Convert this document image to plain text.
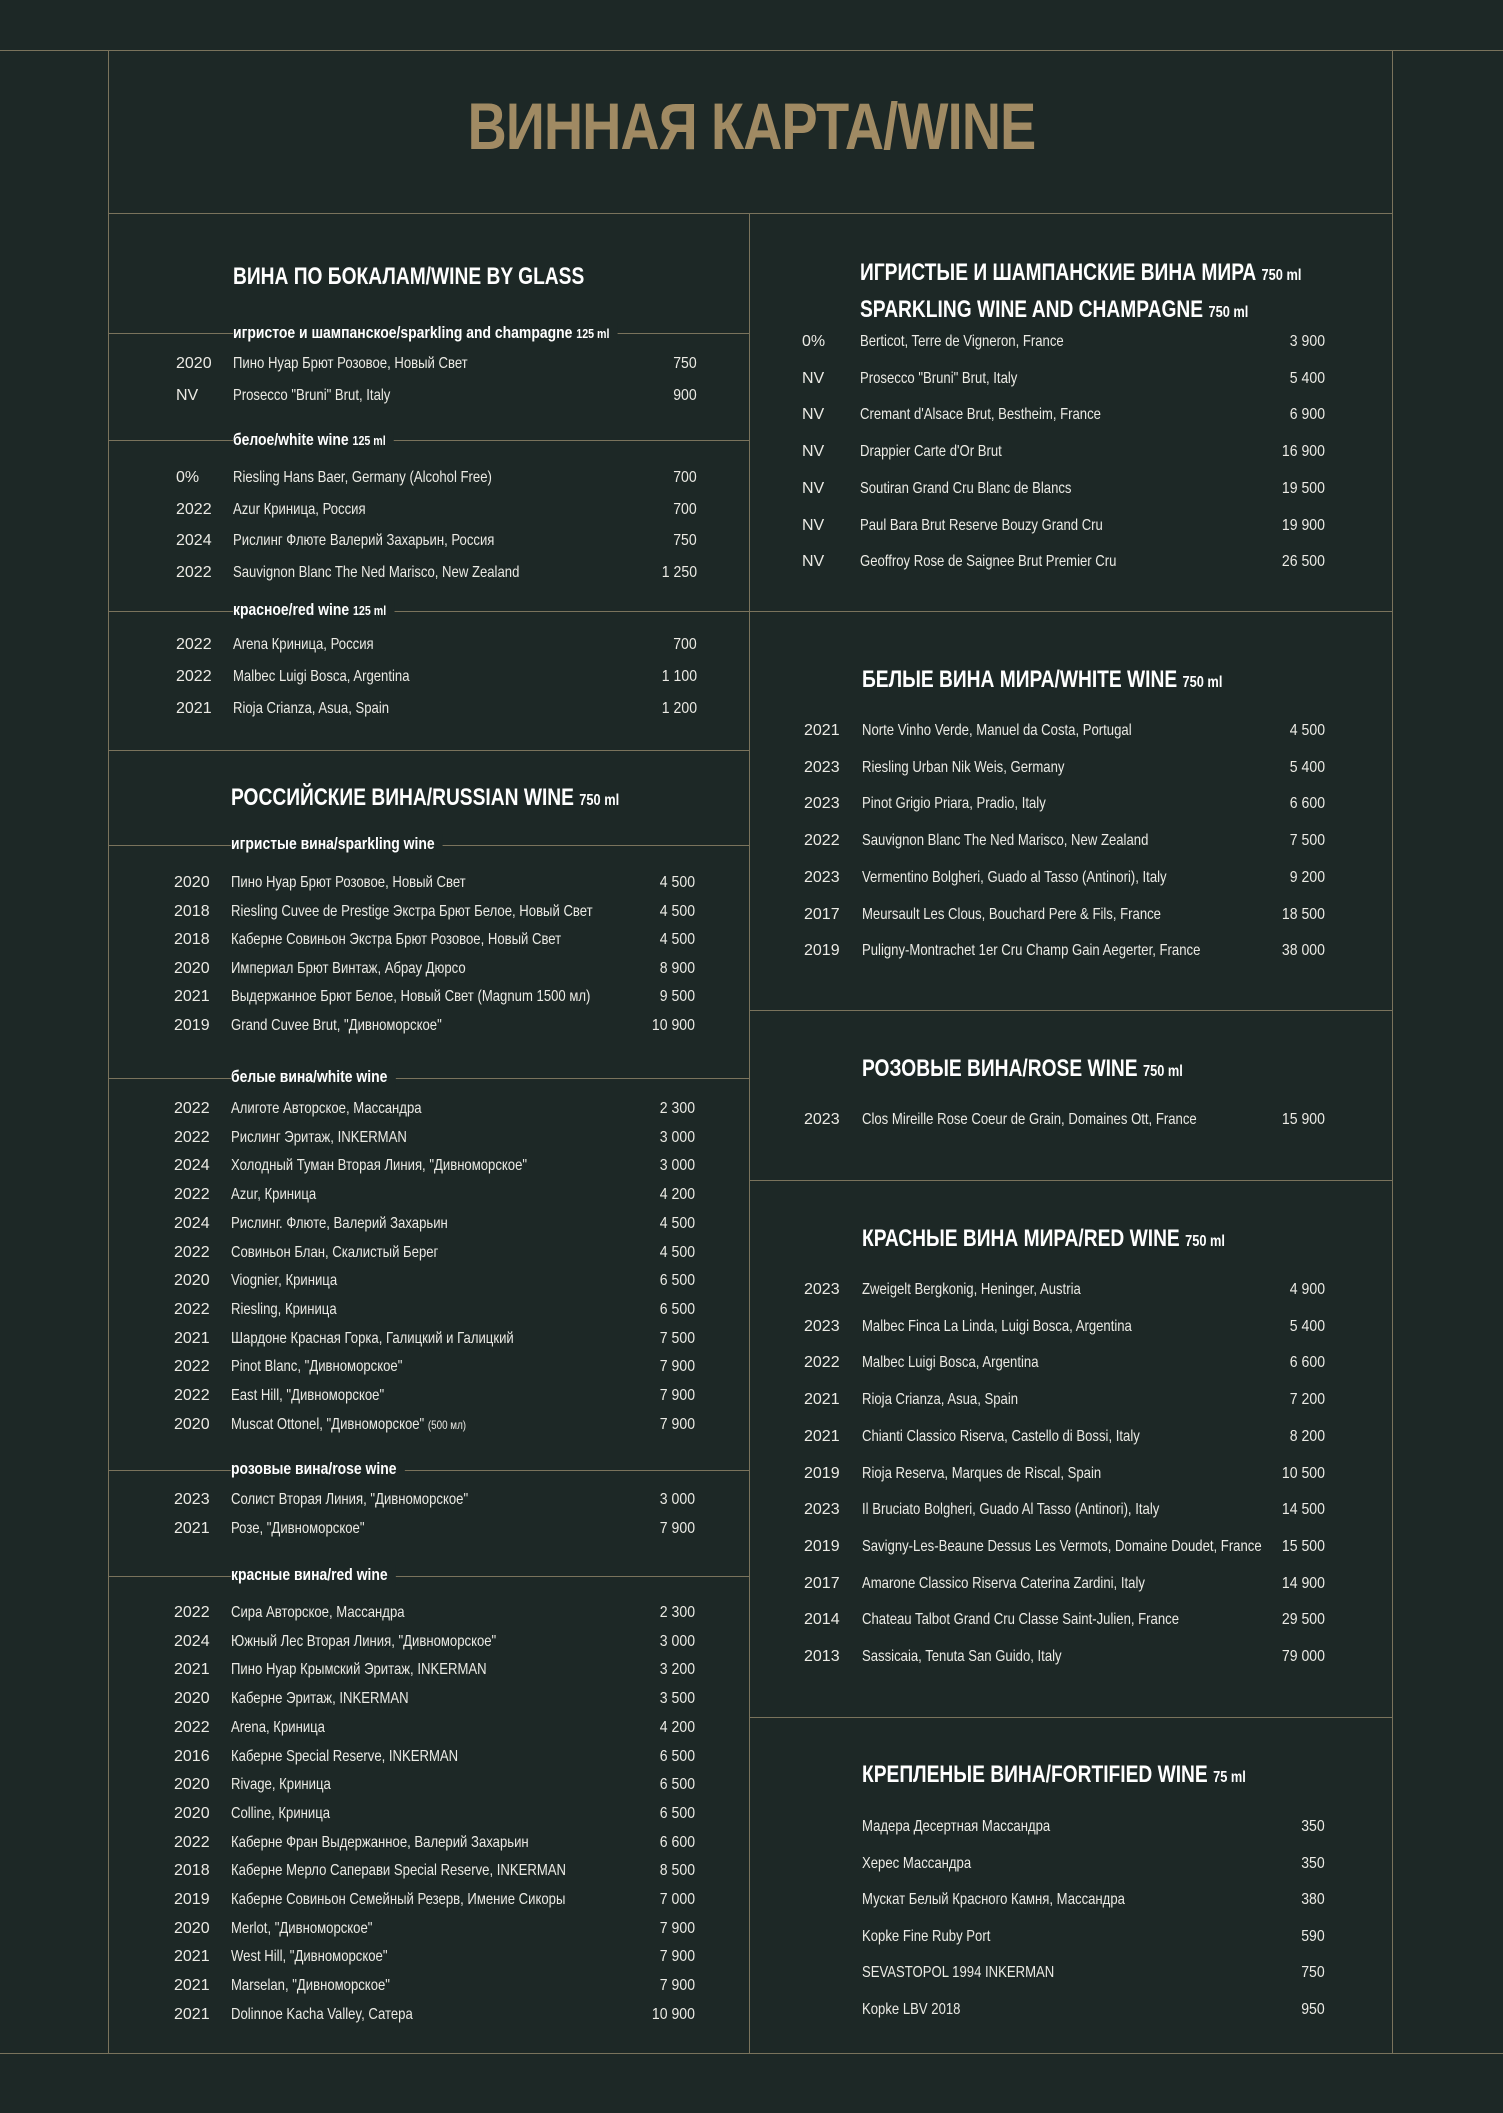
ВИННАЯ КАРТА/WINE
ВИНА ПО БОКАЛАМ/WINE BY GLASS
игристое и шампанское/sparkling and champagne 125 ml
2020 Пино Нуар Брют Розовое, Новый Свет	750
NV Prosecco "Bruni" Brut, Italy	900
белое/white wine 125 ml
0% Riesling Hans Baer, Germany (Alcohol Free)	700
2022 Azur Криница, Россия	700
2024 Рислинг Флюте Валерий Захарьин, Россия	750
2022 Sauvignon Blanc The Ned Marisco, New Zealand	1 250
красное/red wine 125 ml
2022 Arena Криница, Россия	700
2022 Malbec Luigi Bosca, Argentina	1 100
2021 Rioja Crianza, Asua, Spain	1 200
РОССИЙСКИЕ ВИНА/RUSSIAN WINE 750 ml
игристые вина/sparkling wine
2020 Пино Нуар Брют Розовое, Новый Свет	4 500
2018 Riesling Cuvee de Prestige Экстра Брют Белое, Новый Свет	4 500
2018 Каберне Совиньон Экстра Брют Розовое, Новый Свет	4 500
2020 Империал Брют Винтаж, Абрау Дюрсо	8 900
2021 Выдержанное Брют Белое, Новый Свет (Magnum 1500 мл)	9 500
2019 Grand Cuvee Brut, "Дивноморское"	10 900
белые вина/white wine
2022 Алиготе Авторское, Массандра	2 300
2022 Рислинг Эритаж, INKERMAN	3 000
2024 Холодный Туман Вторая Линия, "Дивноморское"	3 000
2022 Azur, Криница	4 200
2024 Рислинг. Флюте, Валерий Захарьин	4 500
2022 Совиньон Блан, Скалистый Берег	4 500
2020 Viognier, Криница	6 500
2022 Riesling, Криница	6 500
2021 Шардоне Красная Горка, Галицкий и Галицкий	7 500
2022 Pinot Blanc, "Дивноморское"	7 900
2022 East Hill, "Дивноморское"	7 900
2020 Muscat Ottonel, "Дивноморское" (500 мл)	7 900
розовые вина/rose wine
2023 Солист Вторая Линия, "Дивноморское"	3 000
2021 Розе, "Дивноморское"	7 900
красные вина/red wine
2022 Сира Авторское, Массандра	2 300
2024 Южный Лес Вторая Линия, "Дивноморское"	3 000
2021 Пино Нуар Крымский Эритаж, INKERMAN	3 200
2020 Каберне Эритаж, INKERMAN	3 500
2022 Arena, Криница	4 200
2016 Каберне Special Reserve, INKERMAN	6 500
2020 Rivage, Криница	6 500
2020 Colline, Криница	6 500
2022 Каберне Фран Выдержанное, Валерий Захарьин	6 600
2018 Каберне Мерло Саперави Special Reserve, INKERMAN	8 500
2019 Каберне Совиньон Семейный Резерв, Имение Сикоры	7 000
2020 Merlot, "Дивноморское"	7 900
2021 West Hill, "Дивноморское"	7 900
2021 Marselan, "Дивноморское"	7 900
2021 Dolinnoe Kacha Valley, Сатера	10 900
ИГРИСТЫЕ И ШАМПАНСКИЕ ВИНА МИРА 750 ml
SPARKLING WINE AND CHAMPAGNE 750 ml
0% Berticot, Terre de Vigneron, France	3 900
NV Prosecco "Bruni" Brut, Italy	5 400
NV Cremant d'Alsace Brut, Bestheim, France	6 900
NV Drappier Carte d'Or Brut	16 900
NV Soutiran Grand Cru Blanc de Blancs	19 500
NV Paul Bara Brut Reserve Bouzy Grand Cru	19 900
NV Geoffroy Rose de Saignee Brut Premier Cru	26 500
БЕЛЫЕ ВИНА МИРА/WHITE WINE 750 ml
2021 Norte Vinho Verde, Manuel da Costa, Portugal	4 500
2023 Riesling Urban Nik Weis, Germany	5 400
2023 Pinot Grigio Priara, Pradio, Italy	6 600
2022 Sauvignon Blanc The Ned Marisco, New Zealand	7 500
2023 Vermentino Bolgheri, Guado al Tasso (Antinori), Italy	9 200
2017 Meursault Les Clous, Bouchard Pere & Fils, France	18 500
2019 Puligny-Montrachet 1er Cru Champ Gain Aegerter, France	38 000
РОЗОВЫЕ ВИНА/ROSE WINE 750 ml
2023 Clos Mireille Rose Coeur de Grain, Domaines Ott, France	15 900
КРАСНЫЕ ВИНА МИРА/RED WINE 750 ml
2023 Zweigelt Bergkonig, Heninger, Austria	4 900
2023 Malbec Finca La Linda, Luigi Bosca, Argentina	5 400
2022 Malbec Luigi Bosca, Argentina	6 600
2021 Rioja Crianza, Asua, Spain	7 200
2021 Chianti Classico Riserva, Castello di Bossi, Italy	8 200
2019 Rioja Reserva, Marques de Riscal, Spain	10 500
2023 Il Bruciato Bolgheri, Guado Al Tasso (Antinori), Italy	14 500
2019 Savigny-Les-Beaune Dessus Les Vermots, Domaine Doudet, France 15 500
2017 Amarone Classico Riserva Caterina Zardini, Italy	14 900
2014 Chateau Talbot Grand Cru Classe Saint-Julien, France	29 500
2013 Sassicaia, Tenuta San Guido, Italy	79 000
КРЕПЛЕНЫЕ ВИНА/FORTIFIED WINE 75 ml
Мадера Десертная Массандра	350
Херес Массандра	350
Мускат Белый Красного Камня, Массандра	380
Kopke Fine Ruby Port	590
SEVASTOPOL 1994 INKERMAN	750
Kopke LBV 2018	950
